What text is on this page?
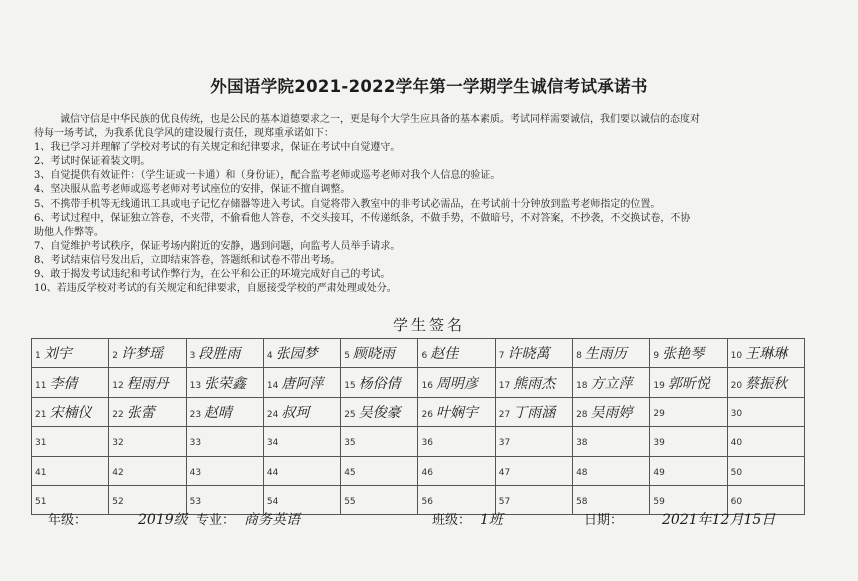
外国语学院2021-2022学年第一学期学生诚信考试承诺书

诚信守信是中华民族的优良传统，也是公民的基本道德要求之一，更是每个大学生应具备的基本素质。考试同样需要诚信，我们要以诚信的态度对

待每一场考试，为我系优良学风的建设履行责任，现郑重承诺如下：

1、我已学习并理解了学校对考试的有关规定和纪律要求，保证在考试中自觉遵守。

2、考试时保证着装文明。

3、自觉提供有效证件：（学生证或一卡通）和（身份证），配合监考老师或巡考老师对我个人信息的验证。

4、坚决服从监考老师或巡考老师对考试座位的安排，保证不擅自调整。

5、不携带手机等无线通讯工具或电子记忆存储器等进入考试。自觉将带入教室中的非考试必需品，在考试前十分钟放到监考老师指定的位置。

6、考试过程中，保证独立答卷，不夹带，不偷看他人答卷，不交头接耳，不传递纸条，不做手势，不做暗号，不对答案，不抄袭，不交换试卷，不协

助他人作弊等。

7、自觉维护考试秩序，保证考场内附近的安静，遇到问题，向监考人员举手请求。

8、考试结束信号发出后，立即结束答卷，答题纸和试卷不带出考场。

9、敢于揭发考试违纪和考试作弊行为，在公平和公正的环境完成好自己的考试。

10、若违反学校对考试的有关规定和纪律要求，自愿接受学校的严肃处理或处分。

学生签名
1 刘宇	2 许梦瑶	3 段胜雨	4 张园梦	5 顾晓雨	6 赵佳	7 许晓萬	8 生雨历	9 张艳琴	10 王琳琳
11 李倩	12 程雨丹	13 张荣鑫	14 唐阿萍	15 杨俗倩	16 周明彦	17 熊雨杰	18 方立萍	19 郭昕悦	20 蔡振秋
21 宋楠仪	22 张蕾	23 赵晴	24 叔珂	25 吴俊豪	26 叶娴宇	27 丁雨涵	28 吴雨婷	29	30
31	32	33	34	35	36	37	38	39	40
41	42	43	44	45	46	47	48	49	50
51	52	53	54	55	56	57	58	59	60
年级：	2019级 专业： 商务英语	班级： 1班	日期：	2021年12月15日
